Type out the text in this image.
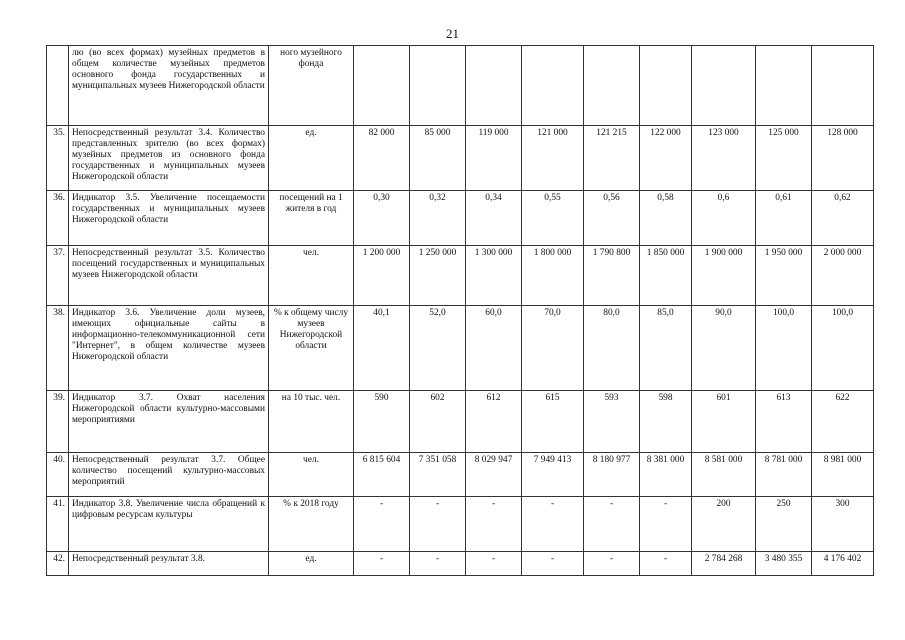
21
	лю (во всех формах) музейных предметов в общем количестве музейных предметов основного фонда государственных и муниципальных музеев Нижегородской области	ного музейного фонда									
35.	Непосредственный результат 3.4. Количество представленных зрителю (во всех формах) музейных предметов из основного фонда государственных и муниципальных музеев Нижегородской области	ед.	82 000	85 000	119 000	121 000	121 215	122 000	123 000	125 000	128 000
36.	Индикатор 3.5. Увеличение посещаемости государственных и муниципальных музеев Нижегородской области	посещений на 1 жителя в год	0,30	0,32	0,34	0,55	0,56	0,58	0,6	0,61	0,62
37.	Непосредственный результат 3.5. Количество посещений государственных и муниципальных музеев Нижегородской области	чел.	1 200 000	1 250 000	1 300 000	1 800 000	1 790 800	1 850 000	1 900 000	1 950 000	2 000 000
38.	Индикатор 3.6. Увеличение доли музеев, имеющих официальные сайты в информационно-телекоммуникационной сети "Интернет", в общем количестве музеев Нижегородской области	% к общему числу музеев Нижегородской области	40,1	52,0	60,0	70,0	80,0	85,0	90,0	100,0	100,0
39.	Индикатор 3.7. Охват населения Нижегородской области культурно-массовыми мероприятиями	на 10 тыс. чел.	590	602	612	615	593	598	601	613	622
40.	Непосредственный результат 3.7. Общее количество посещений культурно-массовых мероприятий	чел.	6 815 604	7 351 058	8 029 947	7 949 413	8 180 977	8 381 000	8 581 000	8 781 000	8 981 000
41.	Индикатор 3.8. Увеличение числа обращений к цифровым ресурсам культуры	% к 2018 году	-	-	-	-	-	-	200	250	300
42.	Непосредственный результат 3.8.	ед.	-	-	-	-	-	-	2 784 268	3 480 355	4 176 402
